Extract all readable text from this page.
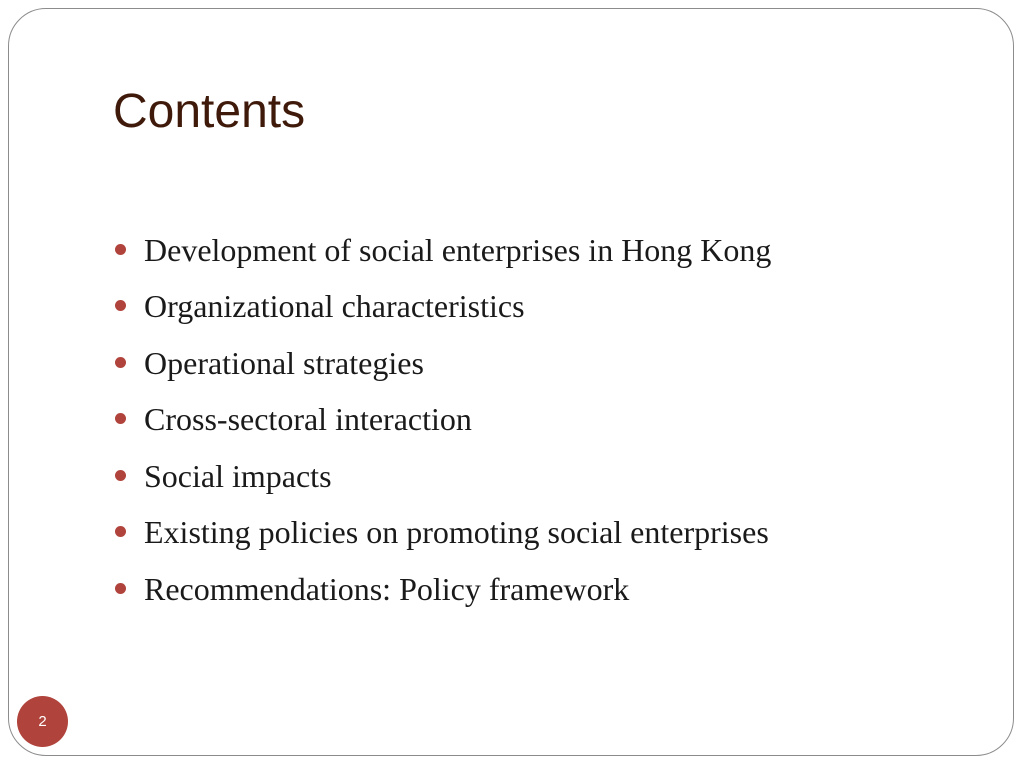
Contents
Development of social enterprises in Hong Kong
Organizational characteristics
Operational strategies
Cross-sectoral interaction
Social impacts
Existing policies on promoting social enterprises
Recommendations: Policy framework
2
